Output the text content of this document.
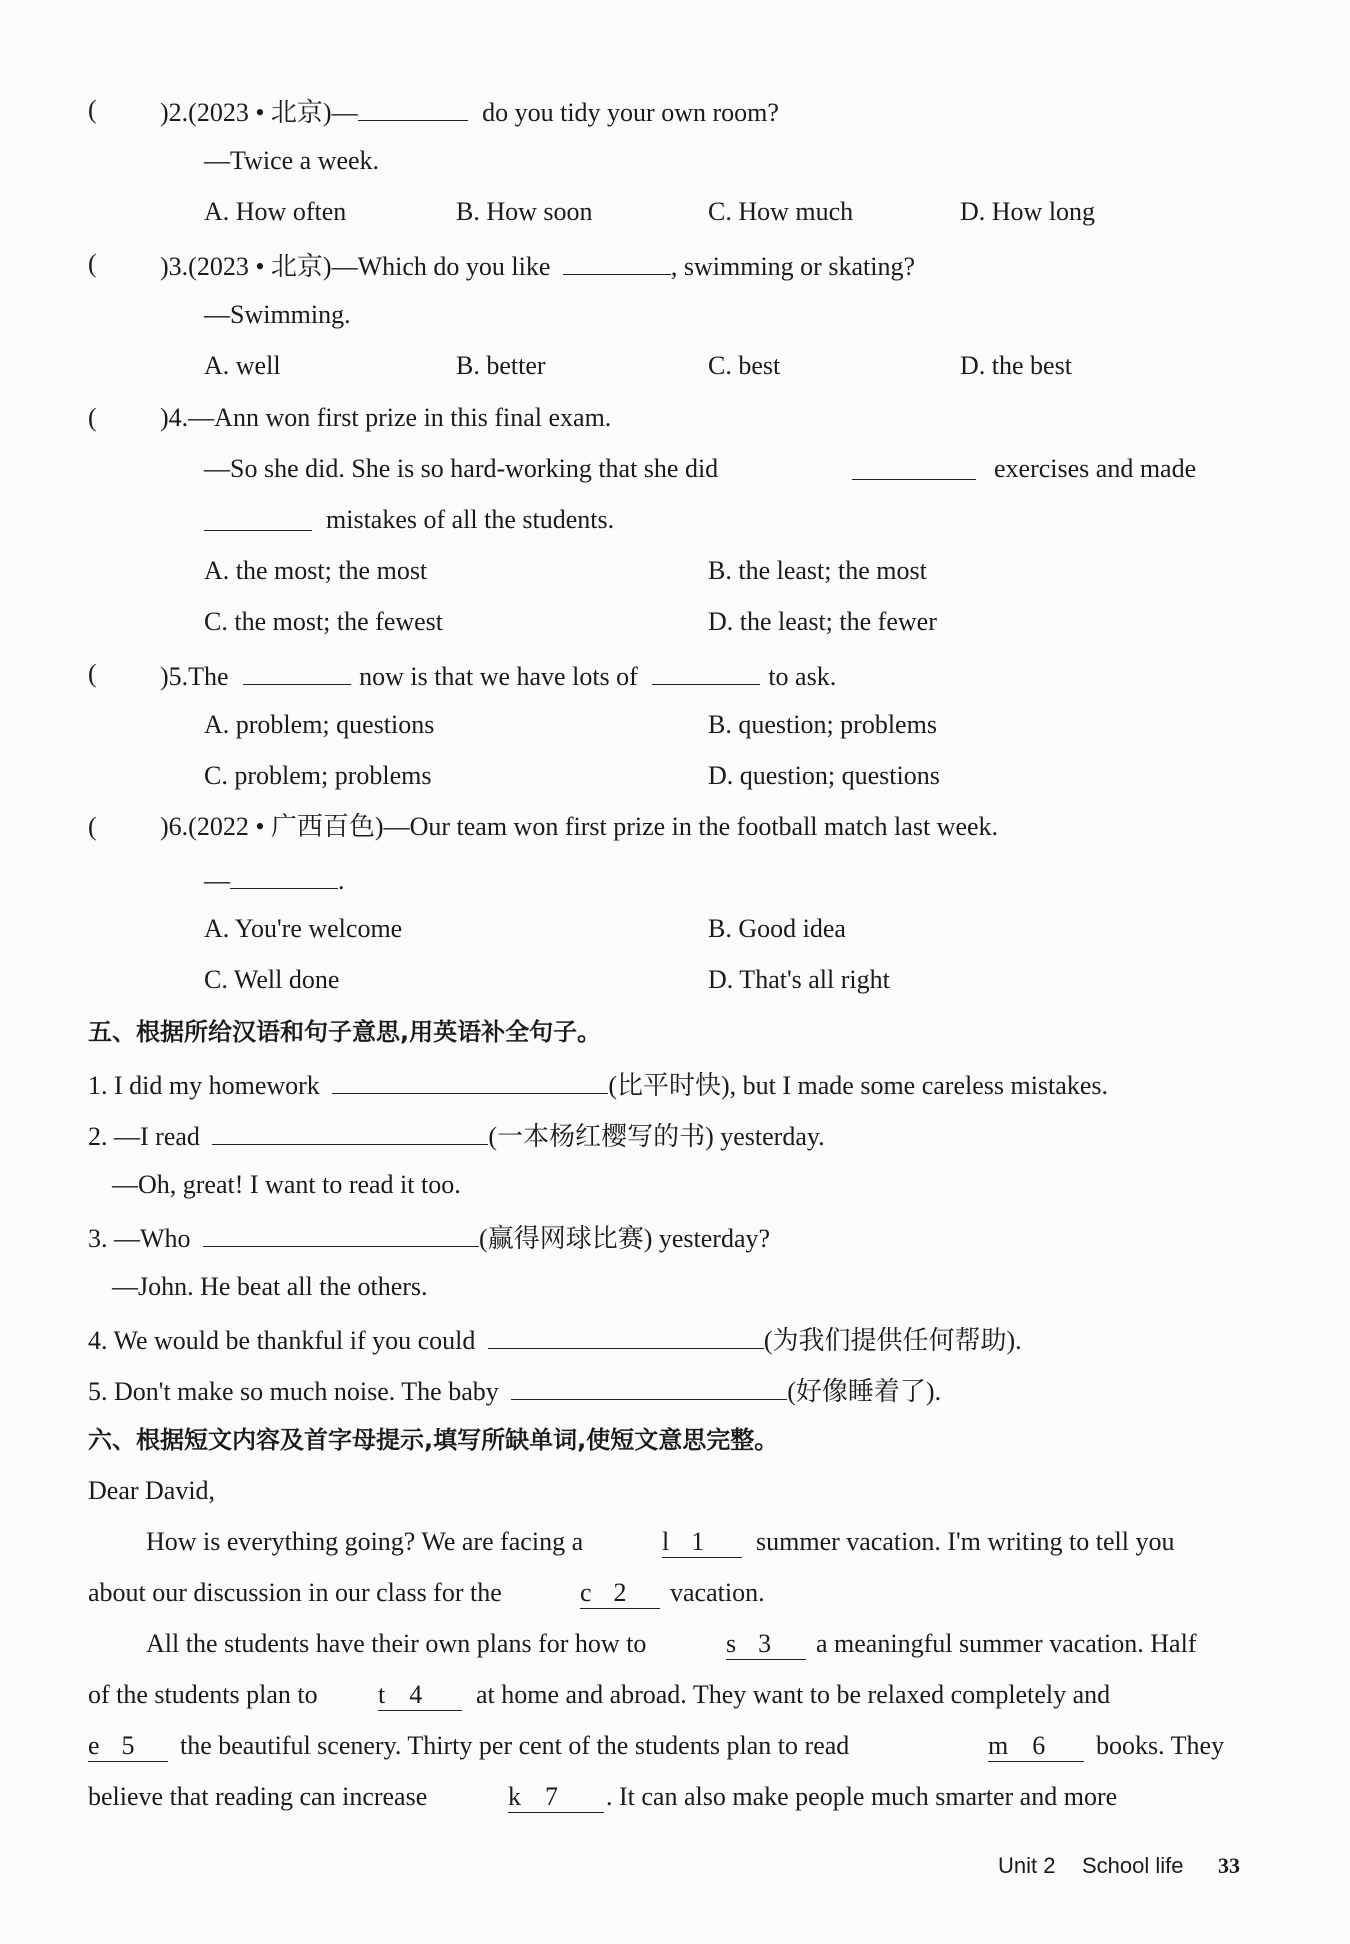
( )2.(2023 • 北京)—	do you tidy your own room?
—Twice a week.
A. How often	B. How soon	C. How much	D. How long
( )3.(2023 • 北京)—Which do you like	, swimming or skating?
—Swimming.
A. well	B. better	C. best	D. the best
( )4.—Ann won first prize in this final exam.
—So she did. She is so hard-working that she did	exercises and made
mistakes of all the students.
A. the most; the most	B. the least; the most
C. the most; the fewest	D. the least; the fewer
( )5.The	now is that we have lots of	to ask.
A. problem; questions	B. question; problems
C. problem; problems	D. question; questions
( )6.(2022 • 广西百色)—Our team won first prize in the football match last week.
—	.
A. You're welcome	B. Good idea
C. Well done	D. That's all right
五、根据所给汉语和句子意思,用英语补全句子。
1. I did my homework	(比平时快), but I made some careless mistakes.
2. —I read	(一本杨红樱写的书) yesterday.
—Oh, great! I want to read it too.
3. —Who	(赢得网球比赛) yesterday?
—John. He beat all the others.
4. We would be thankful if you could	(为我们提供任何帮助).
5. Don't make so much noise. The baby	(好像睡着了).
六、根据短文内容及首字母提示,填写所缺单词,使短文意思完整。
Dear David,
How is everything going? We are facing a	l 1	summer vacation. I'm writing to tell you
about our discussion in our class for the	c 2	vacation.
All the students have their own plans for how to	s 3	a meaningful summer vacation. Half
of the students plan to t 4	at home and abroad. They want to be relaxed completely and
e 5	the beautiful scenery. Thirty per cent of the students plan to read	m 6	books. They
believe that reading can increase	k 7	. It can also make people much smarter and more
Unit 2 School life 33
